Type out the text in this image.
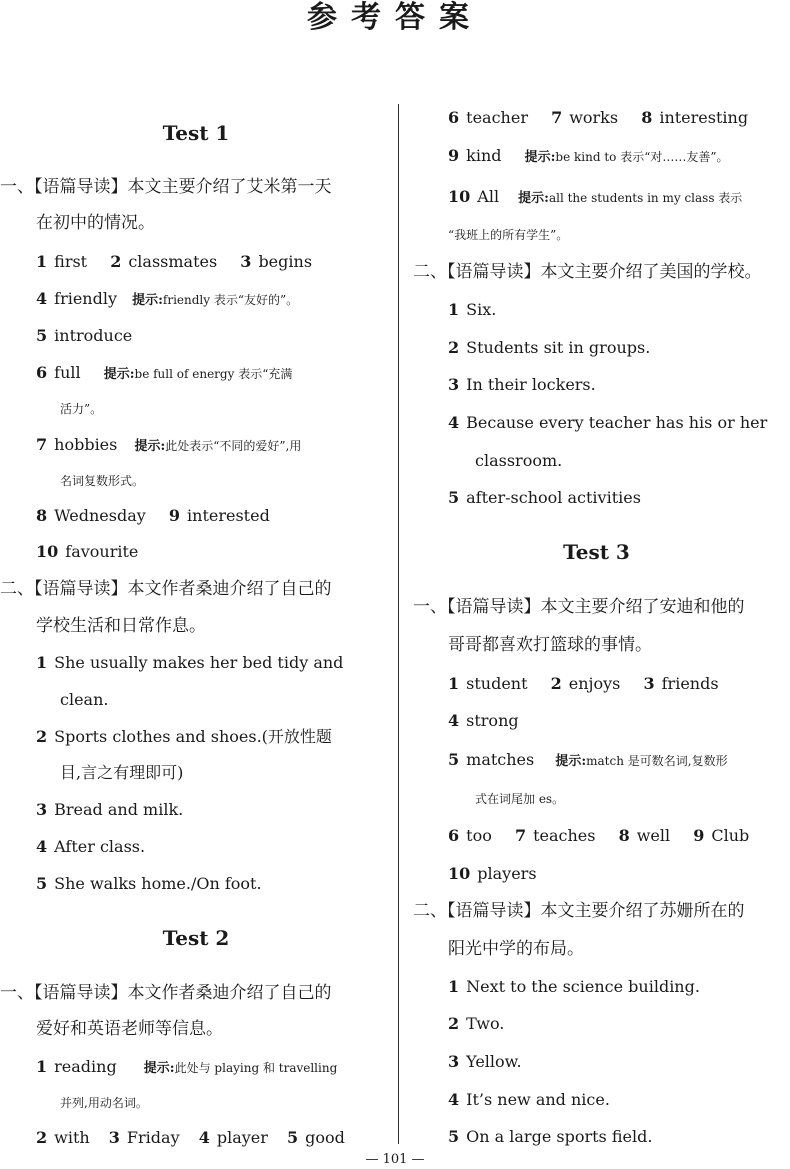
参考答案
Test 1
一、【语篇导读】本文主要介绍了艾米第一天
在初中的情况。
1 first 2 classmates 3 begins
4 friendly 提示:friendly 表示“友好的”。
5 introduce
6 full 提示:be full of energy 表示“充满
活力”。
7 hobbies 提示:此处表示“不同的爱好”,用
名词复数形式。
8 Wednesday 9 interested
10 favourite
二、【语篇导读】本文作者桑迪介绍了自己的
学校生活和日常作息。
1 She usually makes her bed tidy and
clean.
2 Sports clothes and shoes.(开放性题
目,言之有理即可)
3 Bread and milk.
4 After class.
5 She walks home./On foot.
Test 2
一、【语篇导读】本文作者桑迪介绍了自己的
爱好和英语老师等信息。
1 reading 提示:此处与 playing 和 travelling
并列,用动名词。
2 with 3 Friday 4 player 5 good
6 teacher 7 works 8 interesting
9 kind 提示:be kind to 表示“对……友善”。
10 All 提示:all the students in my class 表示
“我班上的所有学生”。
二、【语篇导读】本文主要介绍了美国的学校。
1 Six.
2 Students sit in groups.
3 In their lockers.
4 Because every teacher has his or her
classroom.
5 after-school activities
Test 3
一、【语篇导读】本文主要介绍了安迪和他的
哥哥都喜欢打篮球的事情。
1 student 2 enjoys 3 friends
4 strong
5 matches 提示:match 是可数名词,复数形
式在词尾加 es。
6 too 7 teaches 8 well 9 Club
10 players
二、【语篇导读】本文主要介绍了苏姗所在的
阳光中学的布局。
1 Next to the science building.
2 Two.
3 Yellow.
4 It’s new and nice.
5 On a large sports field.
— 101 —
